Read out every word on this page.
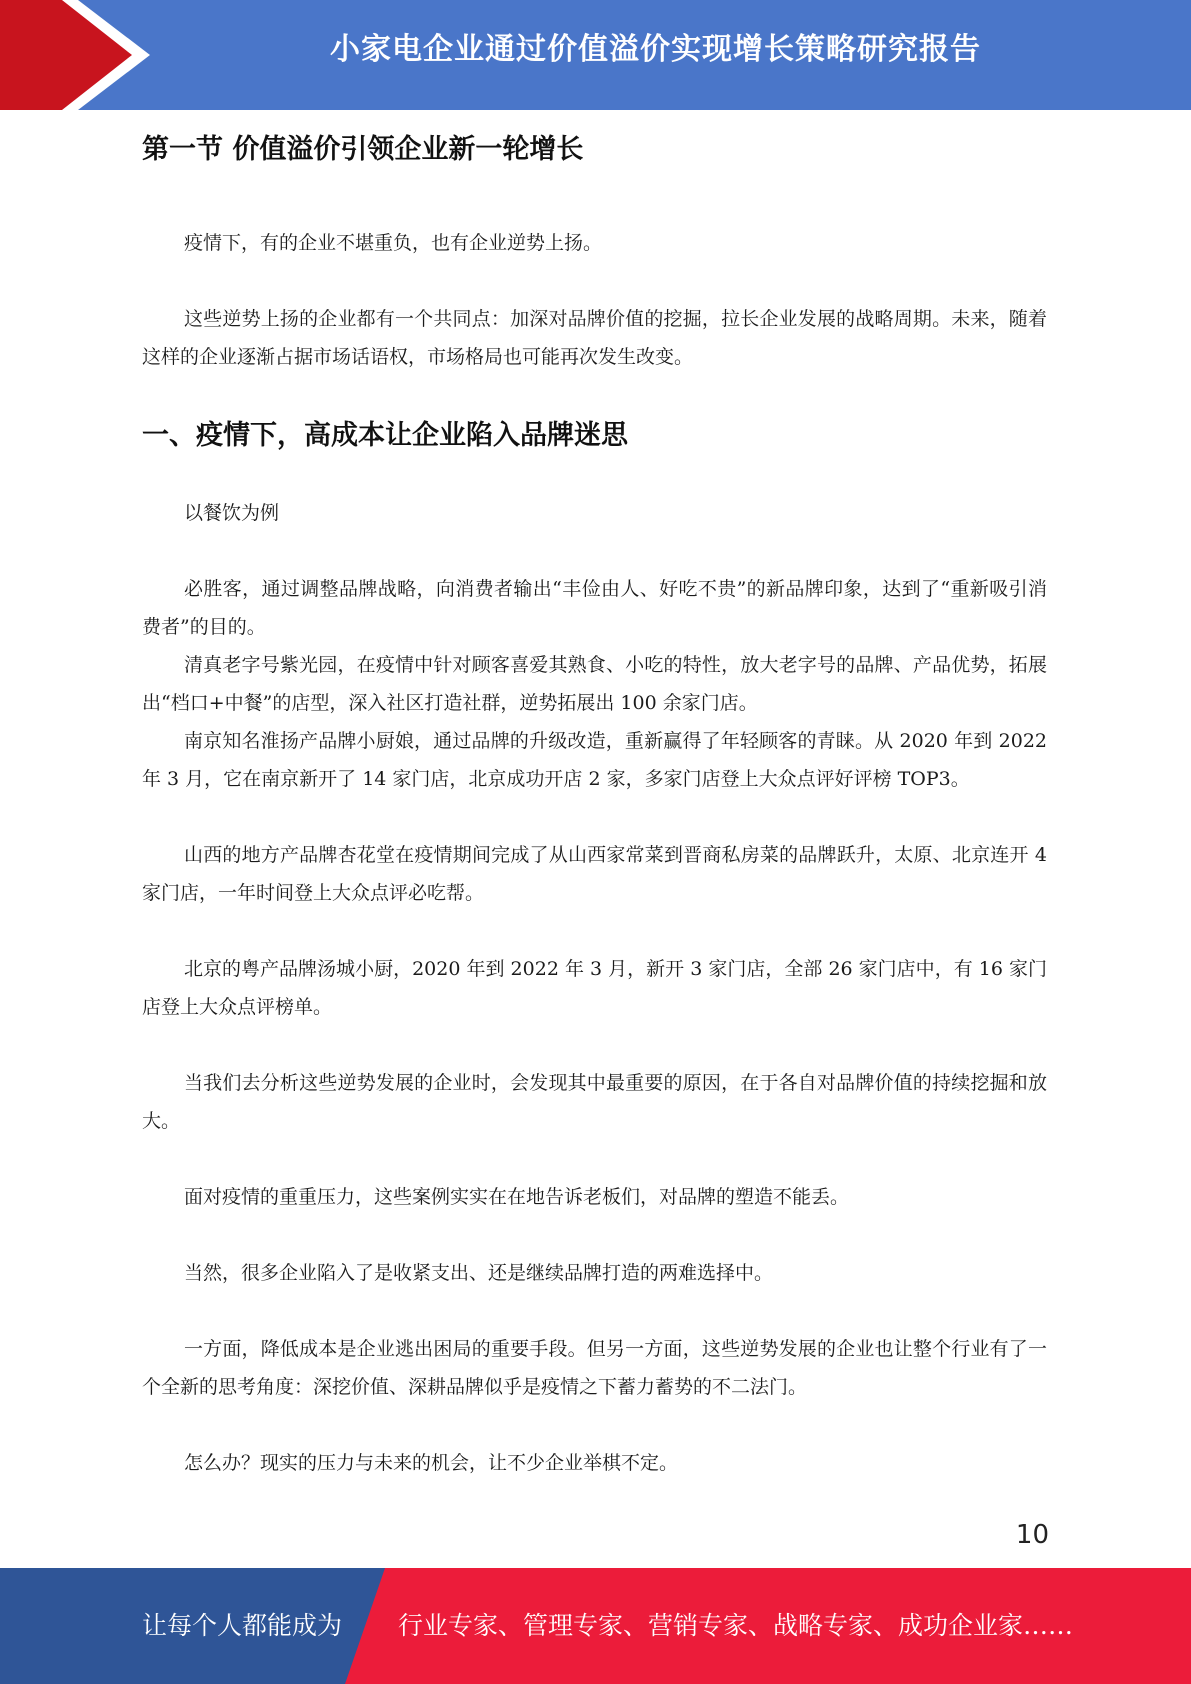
小家电企业通过价值溢价实现增长策略研究报告
第一节 价值溢价引领企业新一轮增长

疫情下，有的企业不堪重负，也有企业逆势上扬。

这些逆势上扬的企业都有一个共同点：加深对品牌价值的挖掘，拉长企业发展的战略周期。未来，随着这样的企业逐渐占据市场话语权，市场格局也可能再次发生改变。

一、疫情下，高成本让企业陷入品牌迷思

以餐饮为例

必胜客，通过调整品牌战略，向消费者输出“丰俭由人、好吃不贵”的新品牌印象，达到了“重新吸引消费者”的目的。

清真老字号紫光园，在疫情中针对顾客喜爱其熟食、小吃的特性，放大老字号的品牌、产品优势，拓展出“档口+中餐”的店型，深入社区打造社群，逆势拓展出 100 余家门店。

南京知名淮扬产品牌小厨娘，通过品牌的升级改造，重新赢得了年轻顾客的青睐。从 2020 年到 2022 年 3 月，它在南京新开了 14 家门店，北京成功开店 2 家，多家门店登上大众点评好评榜 TOP3。

山西的地方产品牌杏花堂在疫情期间完成了从山西家常菜到晋商私房菜的品牌跃升，太原、北京连开 4 家门店，一年时间登上大众点评必吃帮。

北京的粤产品牌汤城小厨，2020 年到 2022 年 3 月，新开 3 家门店，全部 26 家门店中，有 16 家门店登上大众点评榜单。

当我们去分析这些逆势发展的企业时，会发现其中最重要的原因，在于各自对品牌价值的持续挖掘和放大。

面对疫情的重重压力，这些案例实实在在地告诉老板们，对品牌的塑造不能丢。

当然，很多企业陷入了是收紧支出、还是继续品牌打造的两难选择中。

一方面，降低成本是企业逃出困局的重要手段。但另一方面，这些逆势发展的企业也让整个行业有了一个全新的思考角度：深挖价值、深耕品牌似乎是疫情之下蓄力蓄势的不二法门。

怎么办？现实的压力与未来的机会，让不少企业举棋不定。

10
让每个人都能成为 行业专家、管理专家、营销专家、战略专家、成功企业家……
